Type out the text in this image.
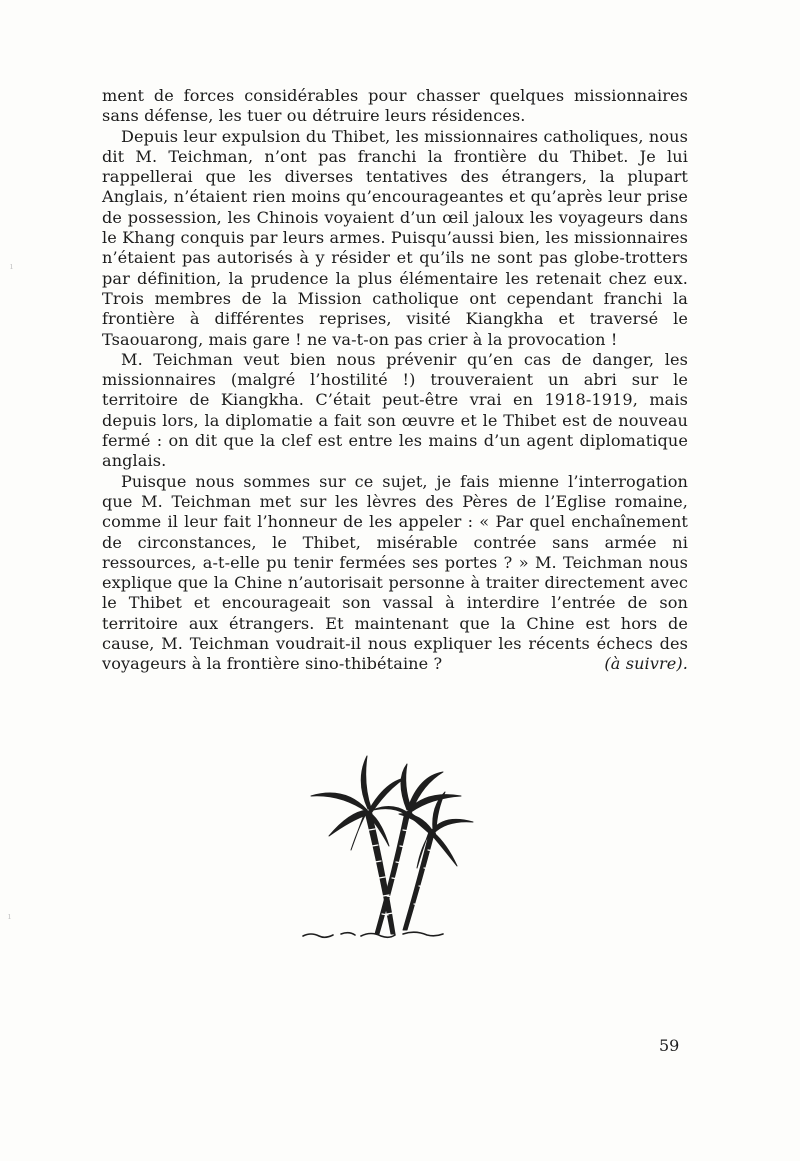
ment de forces considérables pour chasser quelques missionnaires sans défense, les tuer ou détruire leurs résidences.

Depuis leur expulsion du Thibet, les missionnaires catholiques, nous dit M. Teichman, n’ont pas franchi la frontière du Thibet. Je lui rappellerai que les diverses tentatives des étrangers, la plupart Anglais, n’étaient rien moins qu’encourageantes et qu’après leur prise de possession, les Chinois voyaient d’un œil jaloux les voyageurs dans le Khang conquis par leurs armes. Puisqu’aussi bien, les missionnaires n’étaient pas autorisés à y résider et qu’ils ne sont pas globe-trotters par définition, la prudence la plus élémentaire les retenait chez eux. Trois membres de la Mission catholique ont cependant franchi la frontière à différentes reprises, visité Kiangkha et traversé le Tsaouarong, mais gare ! ne va-t-on pas crier à la provocation !

M. Teichman veut bien nous prévenir qu’en cas de danger, les missionnaires (malgré l’hostilité !) trouveraient un abri sur le territoire de Kiangkha. C’était peut-être vrai en 1918-1919, mais depuis lors, la diplomatie a fait son œuvre et le Thibet est de nouveau fermé : on dit que la clef est entre les mains d’un agent diplomatique anglais.

Puisque nous sommes sur ce sujet, je fais mienne l’interrogation que M. Teichman met sur les lèvres des Pères de l’Eglise romaine, comme il leur fait l’honneur de les appeler : « Par quel enchaînement de circonstances, le Thibet, misérable contrée sans armée ni ressources, a-t-elle pu tenir fermées ses portes ? » M. Teichman nous explique que la Chine n’autorisait personne à traiter directement avec le Thibet et encourageait son vassal à interdire l’entrée de son territoire aux étrangers. Et maintenant que la Chine est hors de cause, M. Teichman voudrait-il nous expliquer les récents échecs des voyageurs à la frontière sino-thibétaine ?	(à suivre).

ı
ı
59
